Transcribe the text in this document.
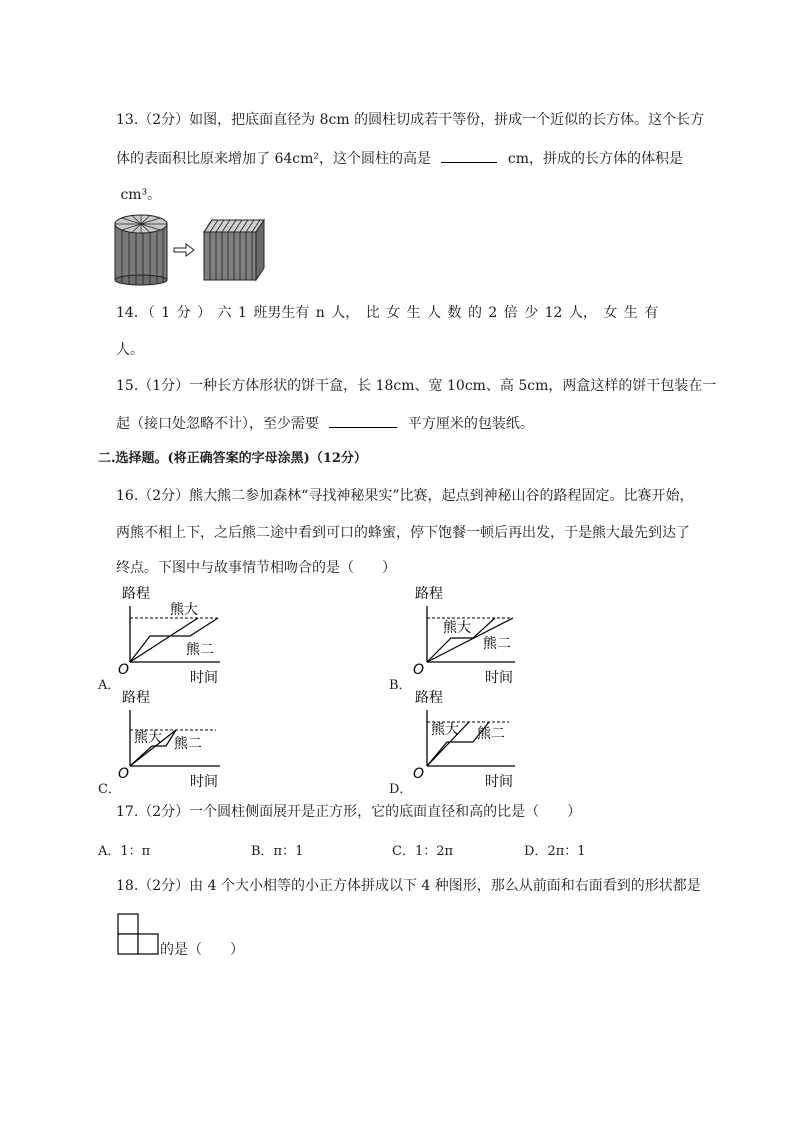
13.（2分）如图，把底面直径为 8cm 的圆柱切成若干等份，拼成一个近似的长方体。这个长方
体的表面积比原来增加了 64cm²，这个圆柱的高是	cm，拼成的长方体的体积是
cm³。
14．（ 1 分 ） 六 1 班男生有 n 人， 比 女 生 人 数 的 2 倍 少 12 人， 女 生 有
人。
15.（1分）一种长方体形状的饼干盒，长 18cm、宽 10cm、高 5cm，两盒这样的饼干包装在一
起（接口处忽略不计），至少需要	平方厘米的包装纸。
二.选择题。(将正确答案的字母涂黑)（12分）
16.（2分）熊大熊二参加森林“寻找神秘果实”比赛，起点到神秘山谷的路程固定。比赛开始，
两熊不相上下，之后熊二途中看到可口的蜂蜜，停下饱餐一顿后再出发，于是熊大最先到达了
终点。下图中与故事情节相吻合的是（　　）
A．
路程
O	时间
熊大
熊二
B．
路程
O	时间
熊大
熊二
C．
路程
O	时间
熊大 熊二
D．
路程
O	时间
熊大 熊二
17.（2分）一个圆柱侧面展开是正方形，它的底面直径和高的比是（　　）
A．1：π	B．π：1	C．1：2π	D．2π：1
18.（2分）由 4 个大小相等的小正方体拼成以下 4 种图形，那么从前面和右面看到的形状都是
的是（　　）
